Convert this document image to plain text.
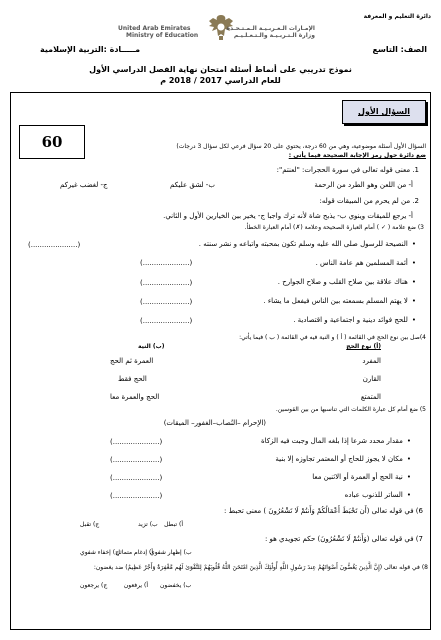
دائرة التعليم و المعرفة
United Arab Emirates
Ministry of Education
الإمـارات الـعـربـيـة الـمـتـحـدة
وزارة الـتـربـيـة والـتـعـلـيـم
الصف: التاسع
مـــــادة :التربية الإسلامية
نموذج تدريبي على أنماط أسئلة امتحان نهاية الفصل الدراسي الأول
للعام الدراسي 2017 / 2018 م
60
السؤال الأول
السؤال الأول أسئلة موضوعية، وهي من 60 درجة، يحتوي على 20 سؤال فرعي لكل سؤال 3 درجات)
ضع دائرة حول رمز الإجابة الصحيحة فيما يأتي :
1. معنى قوله تعالى في سورة الحجرات: "لعنتم":
أ- من اللعن وهو الطرد من الرحمة
ب- لشق عليكم
ج- لغضب غيركم
2. من لم يحرم من المبيقات قوله:
أ- يرجع للميقات وينوي ب- يذبح شاة لأنه ترك واجبا ج- يخير بين الخيارين الأول و الثاني.
3) ضع علامة ( ✓ ) أمام العبارة الصحيحة وعلامة (✗) أمام العبارة الخطأ.
• النصيحة للرسول صلى الله عليه وسلم تكون بمحبته واتباعه و نشر سنته .
(.....................)
• أئمة المسلمين هم عامة الناس .
(.....................)
• هناك علاقة بين صلاح القلب و صلاح الجوارح .
(.....................)
• لا يهتم المسلم بسمعته بين الناس فيفعل ما يشاء .
(.....................)
• للحج فوائد دينية و اجتماعية و اقتصادية .
(.....................)
4)صل بين نوع الحج في القائمة ( أ ) و النية فيه في القائمة ( ب ) فيما يأتي:
(أ) نوع الحج
(ب) النية
المفرد
العمرة ثم الحج
القارن
الحج فقط
المتمتع
الحج والعمرة معا
5) ضع أمام كل عبارة الكلمات التي تناسبها من بين القوسين.
(الإحرام –النُصاب–الغفور– الميقات)
• مقدار محدد شرعا إذا بلغه المال وجبت فيه الزكاة
(.....................)
• مكان لا يجوز للحاج أو المعتمر تجاوزه إلا بنية
(.....................)
• نية الحج أو العمرة أو الاثنين معا
(.....................)
• الساتر للذنوب عباده
(.....................)
6) في قوله تعالى (أَن تَحْبَطَ أَعْمَالُكُمْ وَأَنتُمْ لَا تَشْعُرُونَ ) معنى تحبط :
أ) تبطل
ب) تزيد
ج) تقبل
7) في قوله تعالى (وَأَنتُمْ لَا تَشْعُرُونَ) حكم تجويدي هو :
أ) إدغام متماثل
ب) إظهار شفوي
ج) إخفاء شفوي
8) في قوله تعالى (إِنَّ الَّذِينَ يَغُضُّونَ أَصْوَاتَهُمْ عِندَ رَسُولِ اللَّهِ أُولَٰئِكَ الَّذِينَ امْتَحَنَ اللَّهُ قُلُوبَهُمْ لِلتَّقْوَىٰ لَهُم مَّغْفِرَةٌ وَأَجْرٌ عَظِيمٌ) ضد يغضون:
أ) يرفعون ب) يخفضون
ج) يرجعون
